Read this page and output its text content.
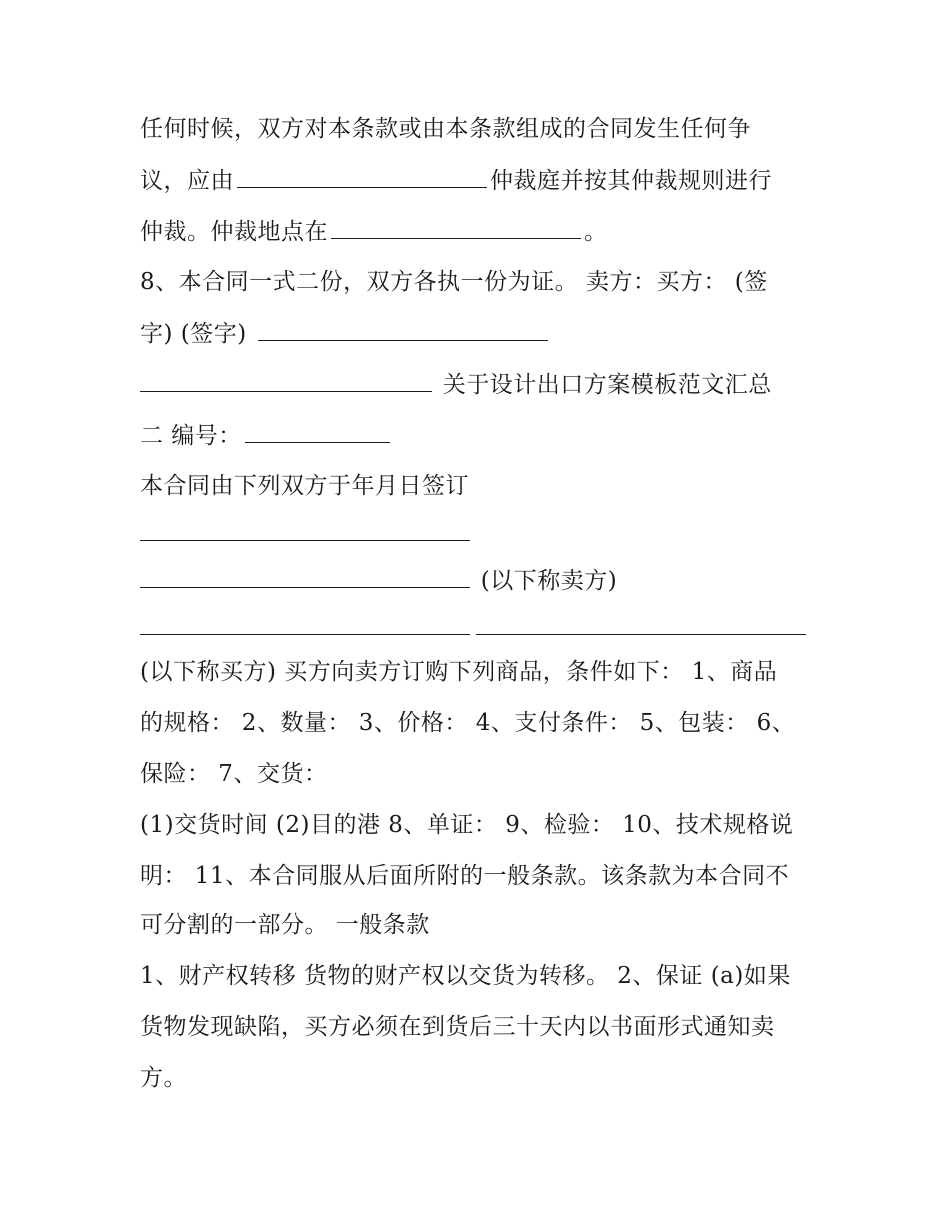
任何时候，双方对本条款或由本条款组成的合同发生任何争
议，应由	仲裁庭并按其仲裁规则进行
仲裁。仲裁地点在	。
8、本合同一式二份，双方各执一份为证。 卖方：买方： (签
字) (签字)
关于设计出口方案模板范文汇总
二 编号：
本合同由下列双方于年月日签订
(以下称卖方)
(以下称买方) 买方向卖方订购下列商品，条件如下： 1、商品
的规格： 2、数量： 3、价格： 4、支付条件： 5、包装： 6、
保险： 7、交货：
(1)交货时间 (2)目的港 8、单证： 9、检验： 10、技术规格说
明： 11、本合同服从后面所附的一般条款。该条款为本合同不
可分割的一部分。 一般条款
1、财产权转移 货物的财产权以交货为转移。 2、保证 (a)如果
货物发现缺陷，买方必须在到货后三十天内以书面形式通知卖
方。
